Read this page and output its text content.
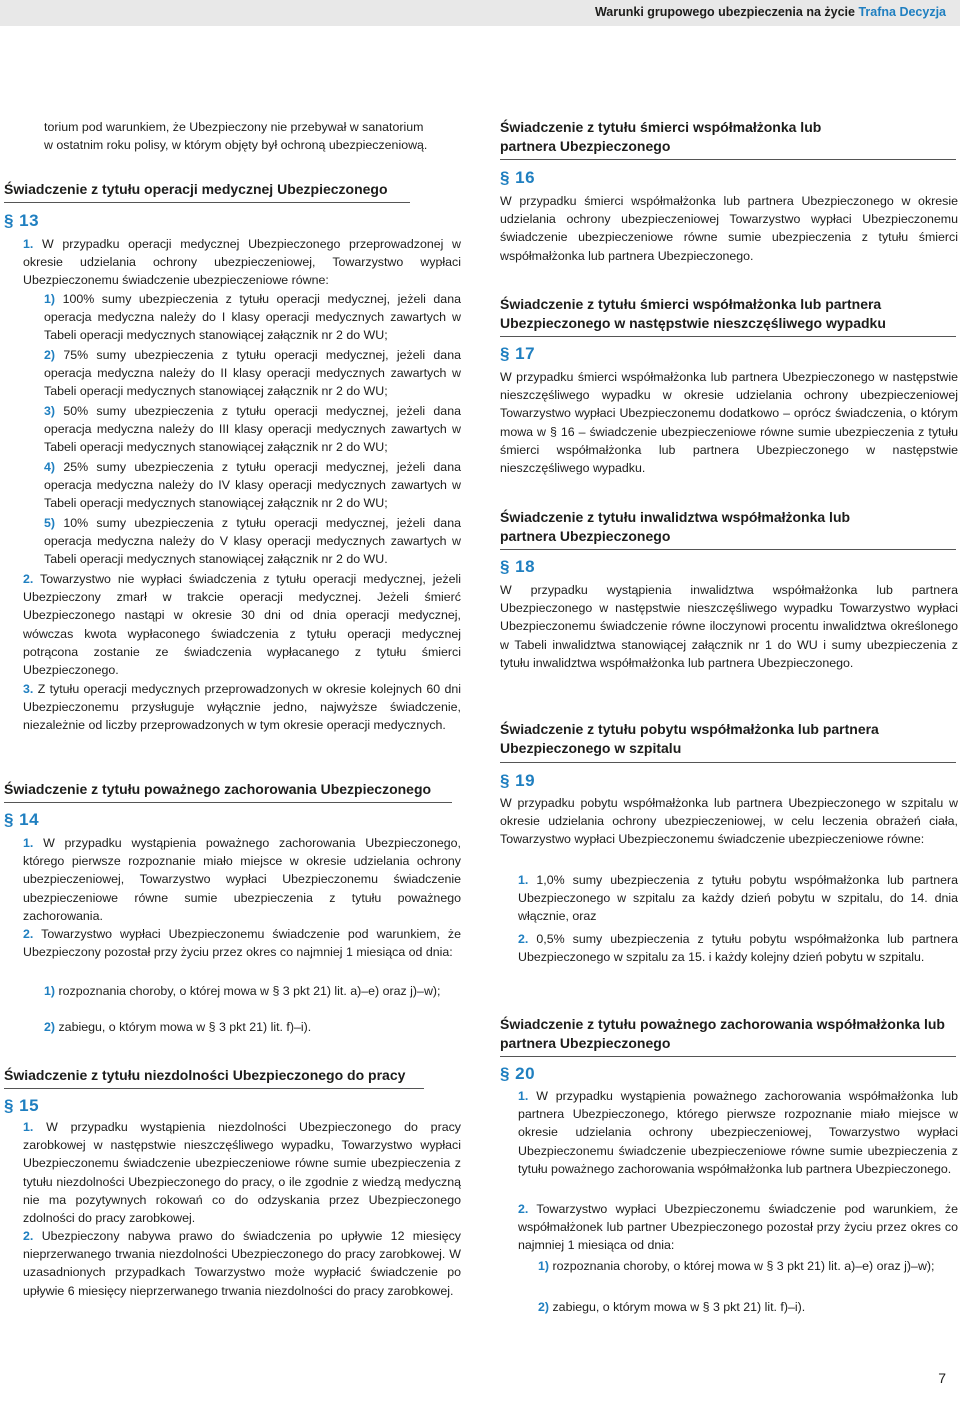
Warunki grupowego ubezpieczenia na życie Trafna Decyzja
torium pod warunkiem, że Ubezpieczony nie przebywał w sanatorium
w ostatnim roku polisy, w którym objęty był ochroną ubezpieczeniową.
Świadczenie z tytułu operacji medycznej Ubezpieczonego
§ 13
1. W przypadku operacji medycznej Ubezpieczonego przeprowadzonej w okresie udzielania ochrony ubezpieczeniowej, Towarzystwo wypłaci Ubezpieczonemu świadczenie ubezpieczeniowe równe:
1) 100% sumy ubezpieczenia z tytułu operacji medycznej, jeżeli dana operacja medyczna należy do I klasy operacji medycznych zawartych w Tabeli operacji medycznych stanowiącej załącznik nr 2 do WU;
2) 75% sumy ubezpieczenia z tytułu operacji medycznej, jeżeli dana operacja medyczna należy do II klasy operacji medycznych zawartych w Tabeli operacji medycznych stanowiącej załącznik nr 2 do WU;
3) 50% sumy ubezpieczenia z tytułu operacji medycznej, jeżeli dana operacja medyczna należy do III klasy operacji medycznych zawartych w Tabeli operacji medycznych stanowiącej załącznik nr 2 do WU;
4) 25% sumy ubezpieczenia z tytułu operacji medycznej, jeżeli dana operacja medyczna należy do IV klasy operacji medycznych zawartych w Tabeli operacji medycznych stanowiącej załącznik nr 2 do WU;
5) 10% sumy ubezpieczenia z tytułu operacji medycznej, jeżeli dana operacja medyczna należy do V klasy operacji medycznych zawartych w Tabeli operacji medycznych stanowiącej załącznik nr 2 do WU.
2. Towarzystwo nie wypłaci świadczenia z tytułu operacji medycznej, jeżeli Ubezpieczony zmarł w trakcie operacji medycznej. Jeżeli śmierć Ubezpieczonego nastąpi w okresie 30 dni od dnia operacji medycznej, wówczas kwota wypłaconego świadczenia z tytułu operacji medycznej potrącona zostanie ze świadczenia wypłacanego z tytułu śmierci Ubezpieczonego.
3. Z tytułu operacji medycznych przeprowadzonych w okresie kolejnych 60 dni Ubezpieczonemu przysługuje wyłącznie jedno, najwyższe świadczenie, niezależnie od liczby przeprowadzonych w tym okresie operacji medycznych.
Świadczenie z tytułu poważnego zachorowania Ubezpieczonego
§ 14
1. W przypadku wystąpienia poważnego zachorowania Ubezpieczonego, którego pierwsze rozpoznanie miało miejsce w okresie udzielania ochrony ubezpieczeniowej, Towarzystwo wypłaci Ubezpieczonemu świadczenie ubezpieczeniowe równe sumie ubezpieczenia z tytułu poważnego zachorowania.
2. Towarzystwo wypłaci Ubezpieczonemu świadczenie pod warunkiem, że Ubezpieczony pozostał przy życiu przez okres co najmniej 1 miesiąca od dnia:
1) rozpoznania choroby, o której mowa w § 3 pkt 21) lit. a)–e) oraz j)–w);
2) zabiegu, o którym mowa w § 3 pkt 21) lit. f)–i).
Świadczenie z tytułu niezdolności Ubezpieczonego do pracy
§ 15
1. W przypadku wystąpienia niezdolności Ubezpieczonego do pracy zarobkowej w następstwie nieszczęśliwego wypadku, Towarzystwo wypłaci Ubezpieczonemu świadczenie ubezpieczeniowe równe sumie ubezpieczenia z tytułu niezdolności Ubezpieczonego do pracy, o ile zgodnie z wiedzą medyczną nie ma pozytywnych rokowań co do odzyskania przez Ubezpieczonego zdolności do pracy zarobkowej.
2. Ubezpieczony nabywa prawo do świadczenia po upływie 12 miesięcy nieprzerwanego trwania niezdolności Ubezpieczonego do pracy zarobkowej. W uzasadnionych przypadkach Towarzystwo może wypłacić świadczenie po upływie 6 miesięcy nieprzerwanego trwania niezdolności do pracy zarobkowej.
Świadczenie z tytułu śmierci współmałżonka lub partnera Ubezpieczonego
§ 16
W przypadku śmierci współmałżonka lub partnera Ubezpieczonego w okresie udzielania ochrony ubezpieczeniowej Towarzystwo wypłaci Ubezpieczonemu świadczenie ubezpieczeniowe równe sumie ubezpieczenia z tytułu śmierci współmałżonka lub partnera Ubezpieczonego.
Świadczenie z tytułu śmierci współmałżonka lub partnera Ubezpieczonego w następstwie nieszczęśliwego wypadku
§ 17
W przypadku śmierci współmałżonka lub partnera Ubezpieczonego w następstwie nieszczęśliwego wypadku w okresie udzielania ochrony ubezpieczeniowej Towarzystwo wypłaci Ubezpieczonemu dodatkowo – oprócz świadczenia, o którym mowa w § 16 – świadczenie ubezpieczeniowe równe sumie ubezpieczenia z tytułu śmierci współmałżonka lub partnera Ubezpieczonego w następstwie nieszczęśliwego wypadku.
Świadczenie z tytułu inwalidztwa współmałżonka lub partnera Ubezpieczonego
§ 18
W przypadku wystąpienia inwalidztwa współmałżonka lub partnera Ubezpieczonego w następstwie nieszczęśliwego wypadku Towarzystwo wypłaci Ubezpieczonemu świadczenie równe iloczynowi procentu inwalidztwa określonego w Tabeli inwalidztwa stanowiącej załącznik nr 1 do WU i sumy ubezpieczenia z tytułu inwalidztwa współmałżonka lub partnera Ubezpieczonego.
Świadczenie z tytułu pobytu współmałżonka lub partnera Ubezpieczonego w szpitalu
§ 19
W przypadku pobytu współmałżonka lub partnera Ubezpieczonego w szpitalu w okresie udzielania ochrony ubezpieczeniowej, w celu leczenia obrażeń ciała, Towarzystwo wypłaci Ubezpieczonemu świadczenie ubezpieczeniowe równe:
1. 1,0% sumy ubezpieczenia z tytułu pobytu współmałżonka lub partnera Ubezpieczonego w szpitalu za każdy dzień pobytu w szpitalu, do 14. dnia włącznie, oraz
2. 0,5% sumy ubezpieczenia z tytułu pobytu współmałżonka lub partnera Ubezpieczonego w szpitalu za 15. i każdy kolejny dzień pobytu w szpitalu.
Świadczenie z tytułu poważnego zachorowania współmałżonka lub partnera Ubezpieczonego
§ 20
1. W przypadku wystąpienia poważnego zachorowania współmałżonka lub partnera Ubezpieczonego, którego pierwsze rozpoznanie miało miejsce w okresie udzielania ochrony ubezpieczeniowej, Towarzystwo wypłaci Ubezpieczonemu świadczenie ubezpieczeniowe równe sumie ubezpieczenia z tytułu poważnego zachorowania współmałżonka lub partnera Ubezpieczonego.
2. Towarzystwo wypłaci Ubezpieczonemu świadczenie pod warunkiem, że współmałżonek lub partner Ubezpieczonego pozostał przy życiu przez okres co najmniej 1 miesiąca od dnia:
1) rozpoznania choroby, o której mowa w § 3 pkt 21) lit. a)–e) oraz j)–w);
2) zabiegu, o którym mowa w § 3 pkt 21) lit. f)–i).
7
